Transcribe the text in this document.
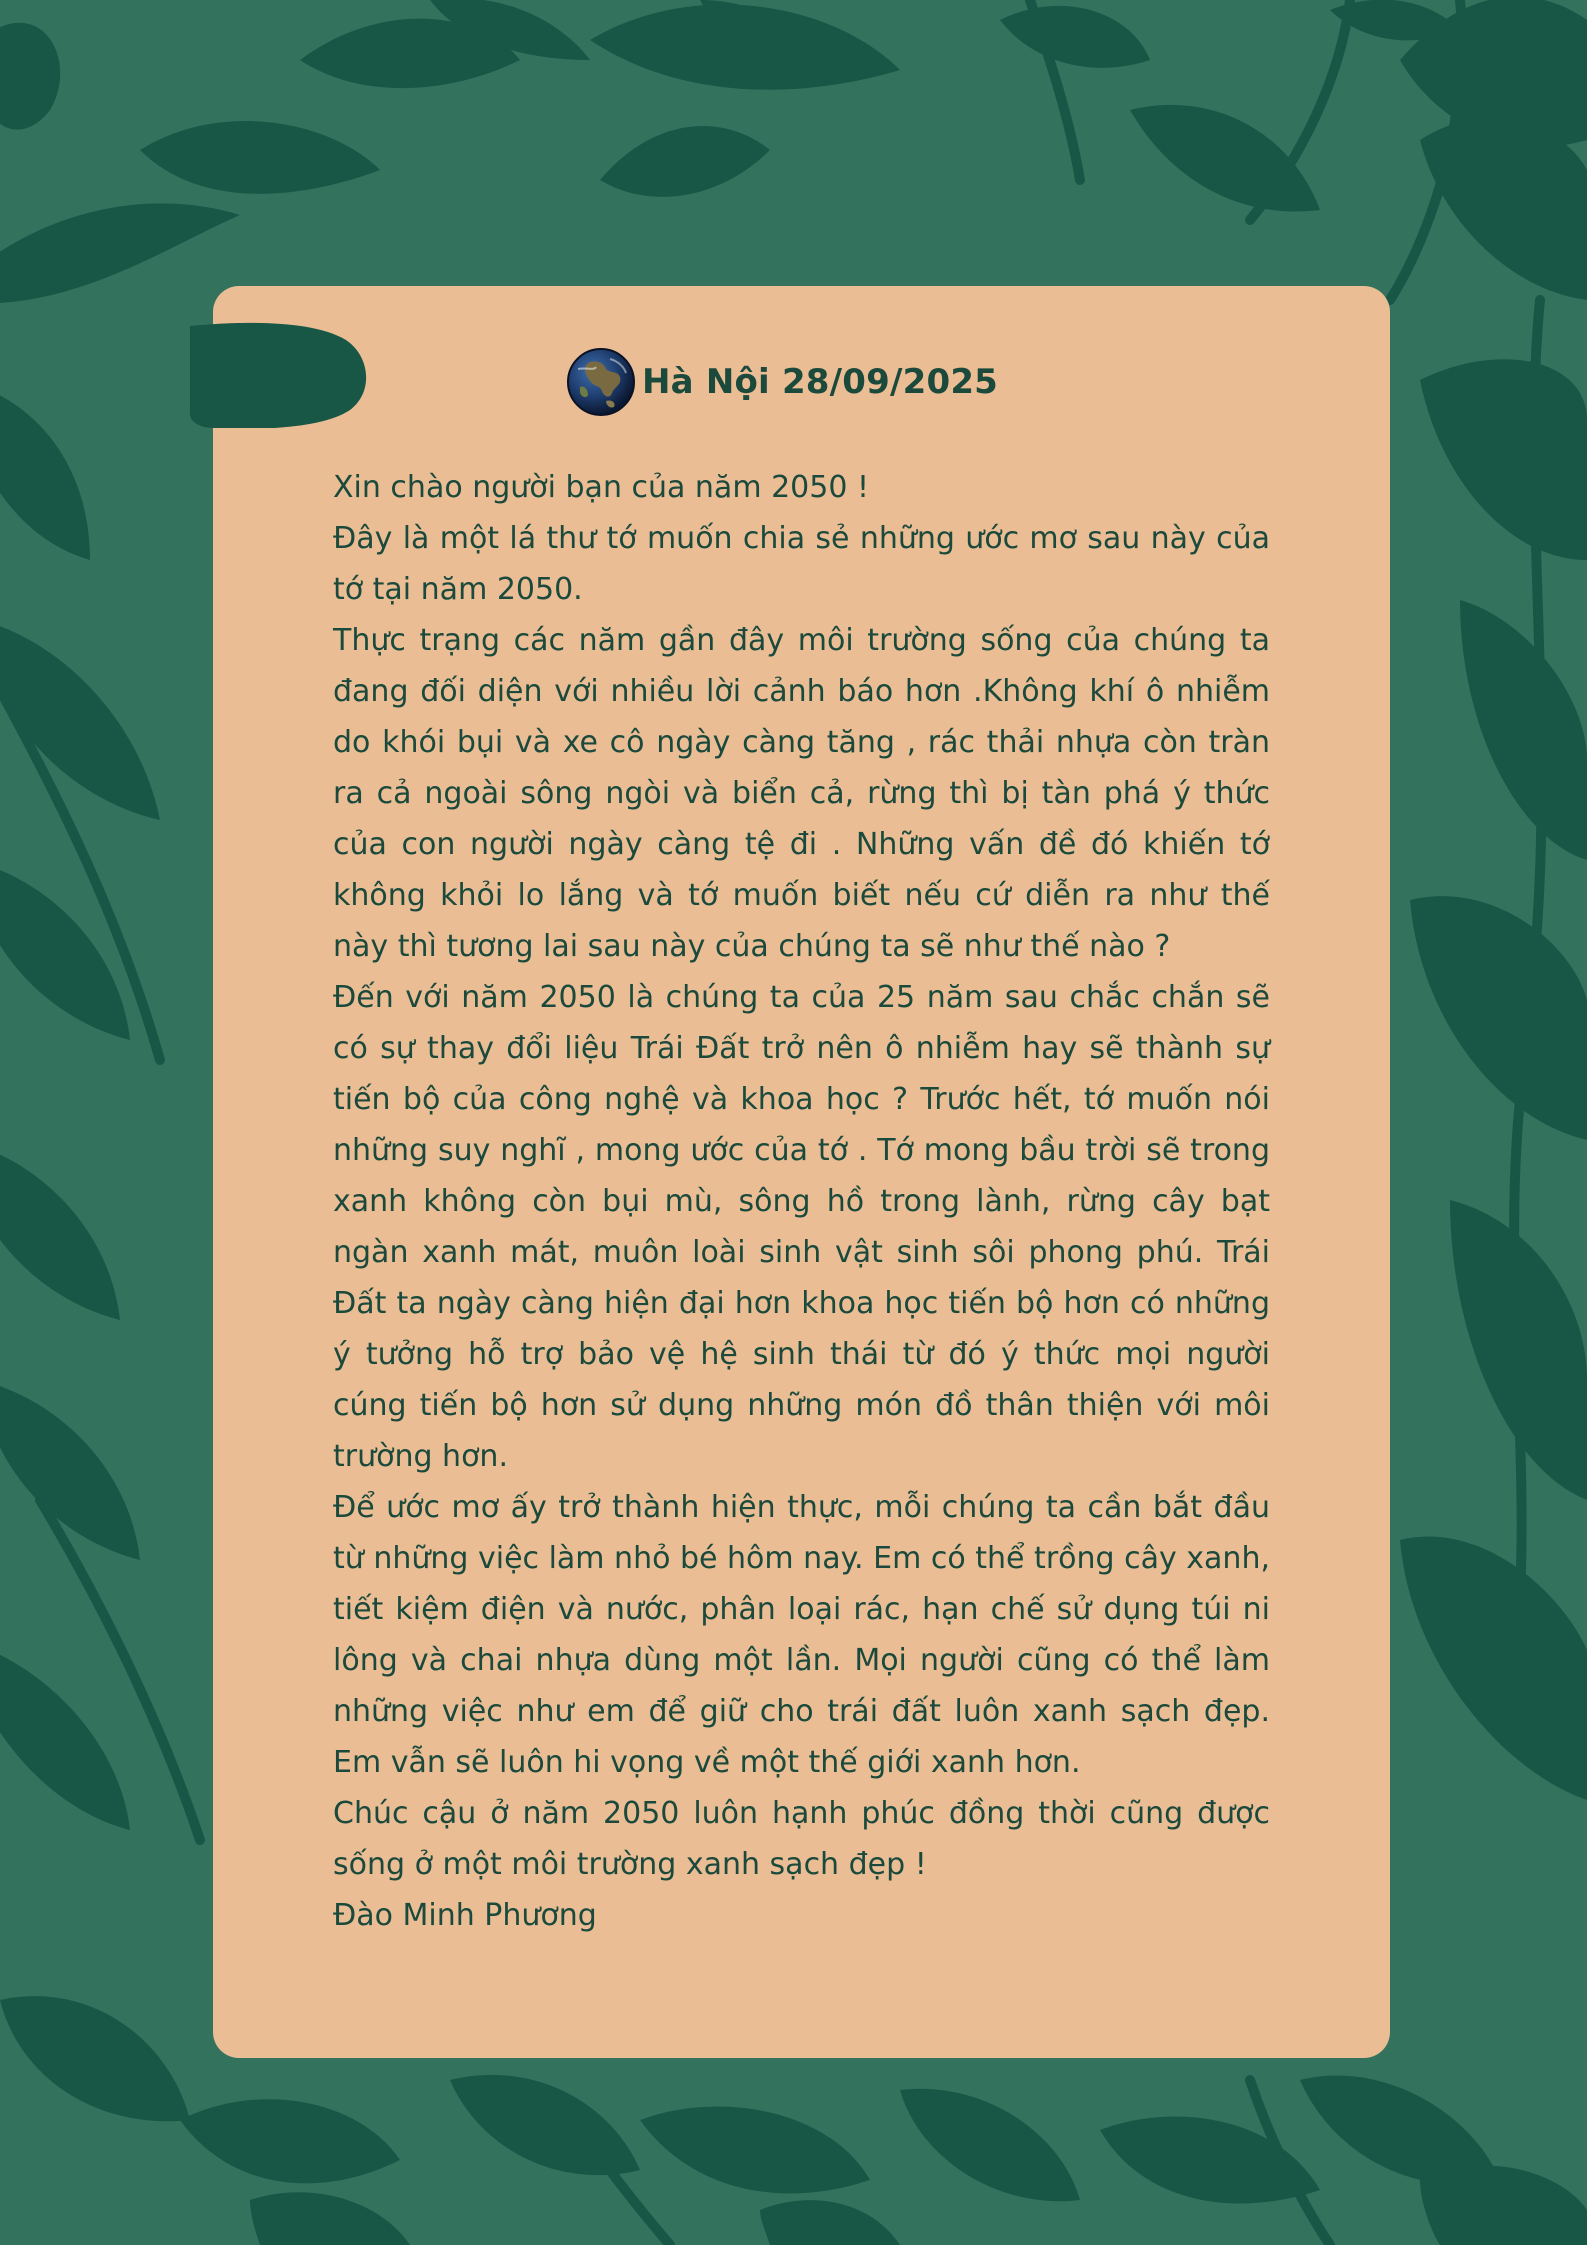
Hà Nội 28/09/2025

Xin chào người bạn của năm 2050 !

Đây là một lá thư tớ muốn chia sẻ những ước mơ sau này của tớ tại năm 2050.

Thực trạng các năm gần đây môi trường sống của chúng ta đang đối diện với nhiều lời cảnh báo hơn .Không khí ô nhiễm do khói bụi và xe cô ngày càng tăng , rác thải nhựa còn tràn ra cả ngoài sông ngòi và biển cả, rừng thì bị tàn phá ý thức của con người ngày càng tệ đi . Những vấn đề đó khiến tớ không khỏi lo lắng và tớ muốn biết nếu cứ diễn ra như thế này thì tương lai sau này của chúng ta sẽ như thế nào ?

Đến với năm 2050 là chúng ta của 25 năm sau chắc chắn sẽ có sự thay đổi liệu Trái Đất trở nên ô nhiễm hay sẽ thành sự tiến bộ của công nghệ và khoa học ? Trước hết, tớ muốn nói những suy nghĩ , mong ước của tớ . Tớ mong bầu trời sẽ trong xanh không còn bụi mù, sông hồ trong lành, rừng cây bạt ngàn xanh mát, muôn loài sinh vật sinh sôi phong phú. Trái Đất ta ngày càng hiện đại hơn khoa học tiến bộ hơn có những ý tưởng hỗ trợ bảo vệ hệ sinh thái từ đó ý thức mọi người cúng tiến bộ hơn sử dụng những món đồ thân thiện với môi trường hơn.

Để ước mơ ấy trở thành hiện thực, mỗi chúng ta cần bắt đầu từ những việc làm nhỏ bé hôm nay. Em có thể trồng cây xanh, tiết kiệm điện và nước, phân loại rác, hạn chế sử dụng túi ni lông và chai nhựa dùng một lần. Mọi người cũng có thể làm những việc như em để giữ cho trái đất luôn xanh sạch đẹp. Em vẫn sẽ luôn hi vọng về một thế giới xanh hơn.

Chúc cậu ở năm 2050 luôn hạnh phúc đồng thời cũng được sống ở một môi trường xanh sạch đẹp !

Đào Minh Phương
